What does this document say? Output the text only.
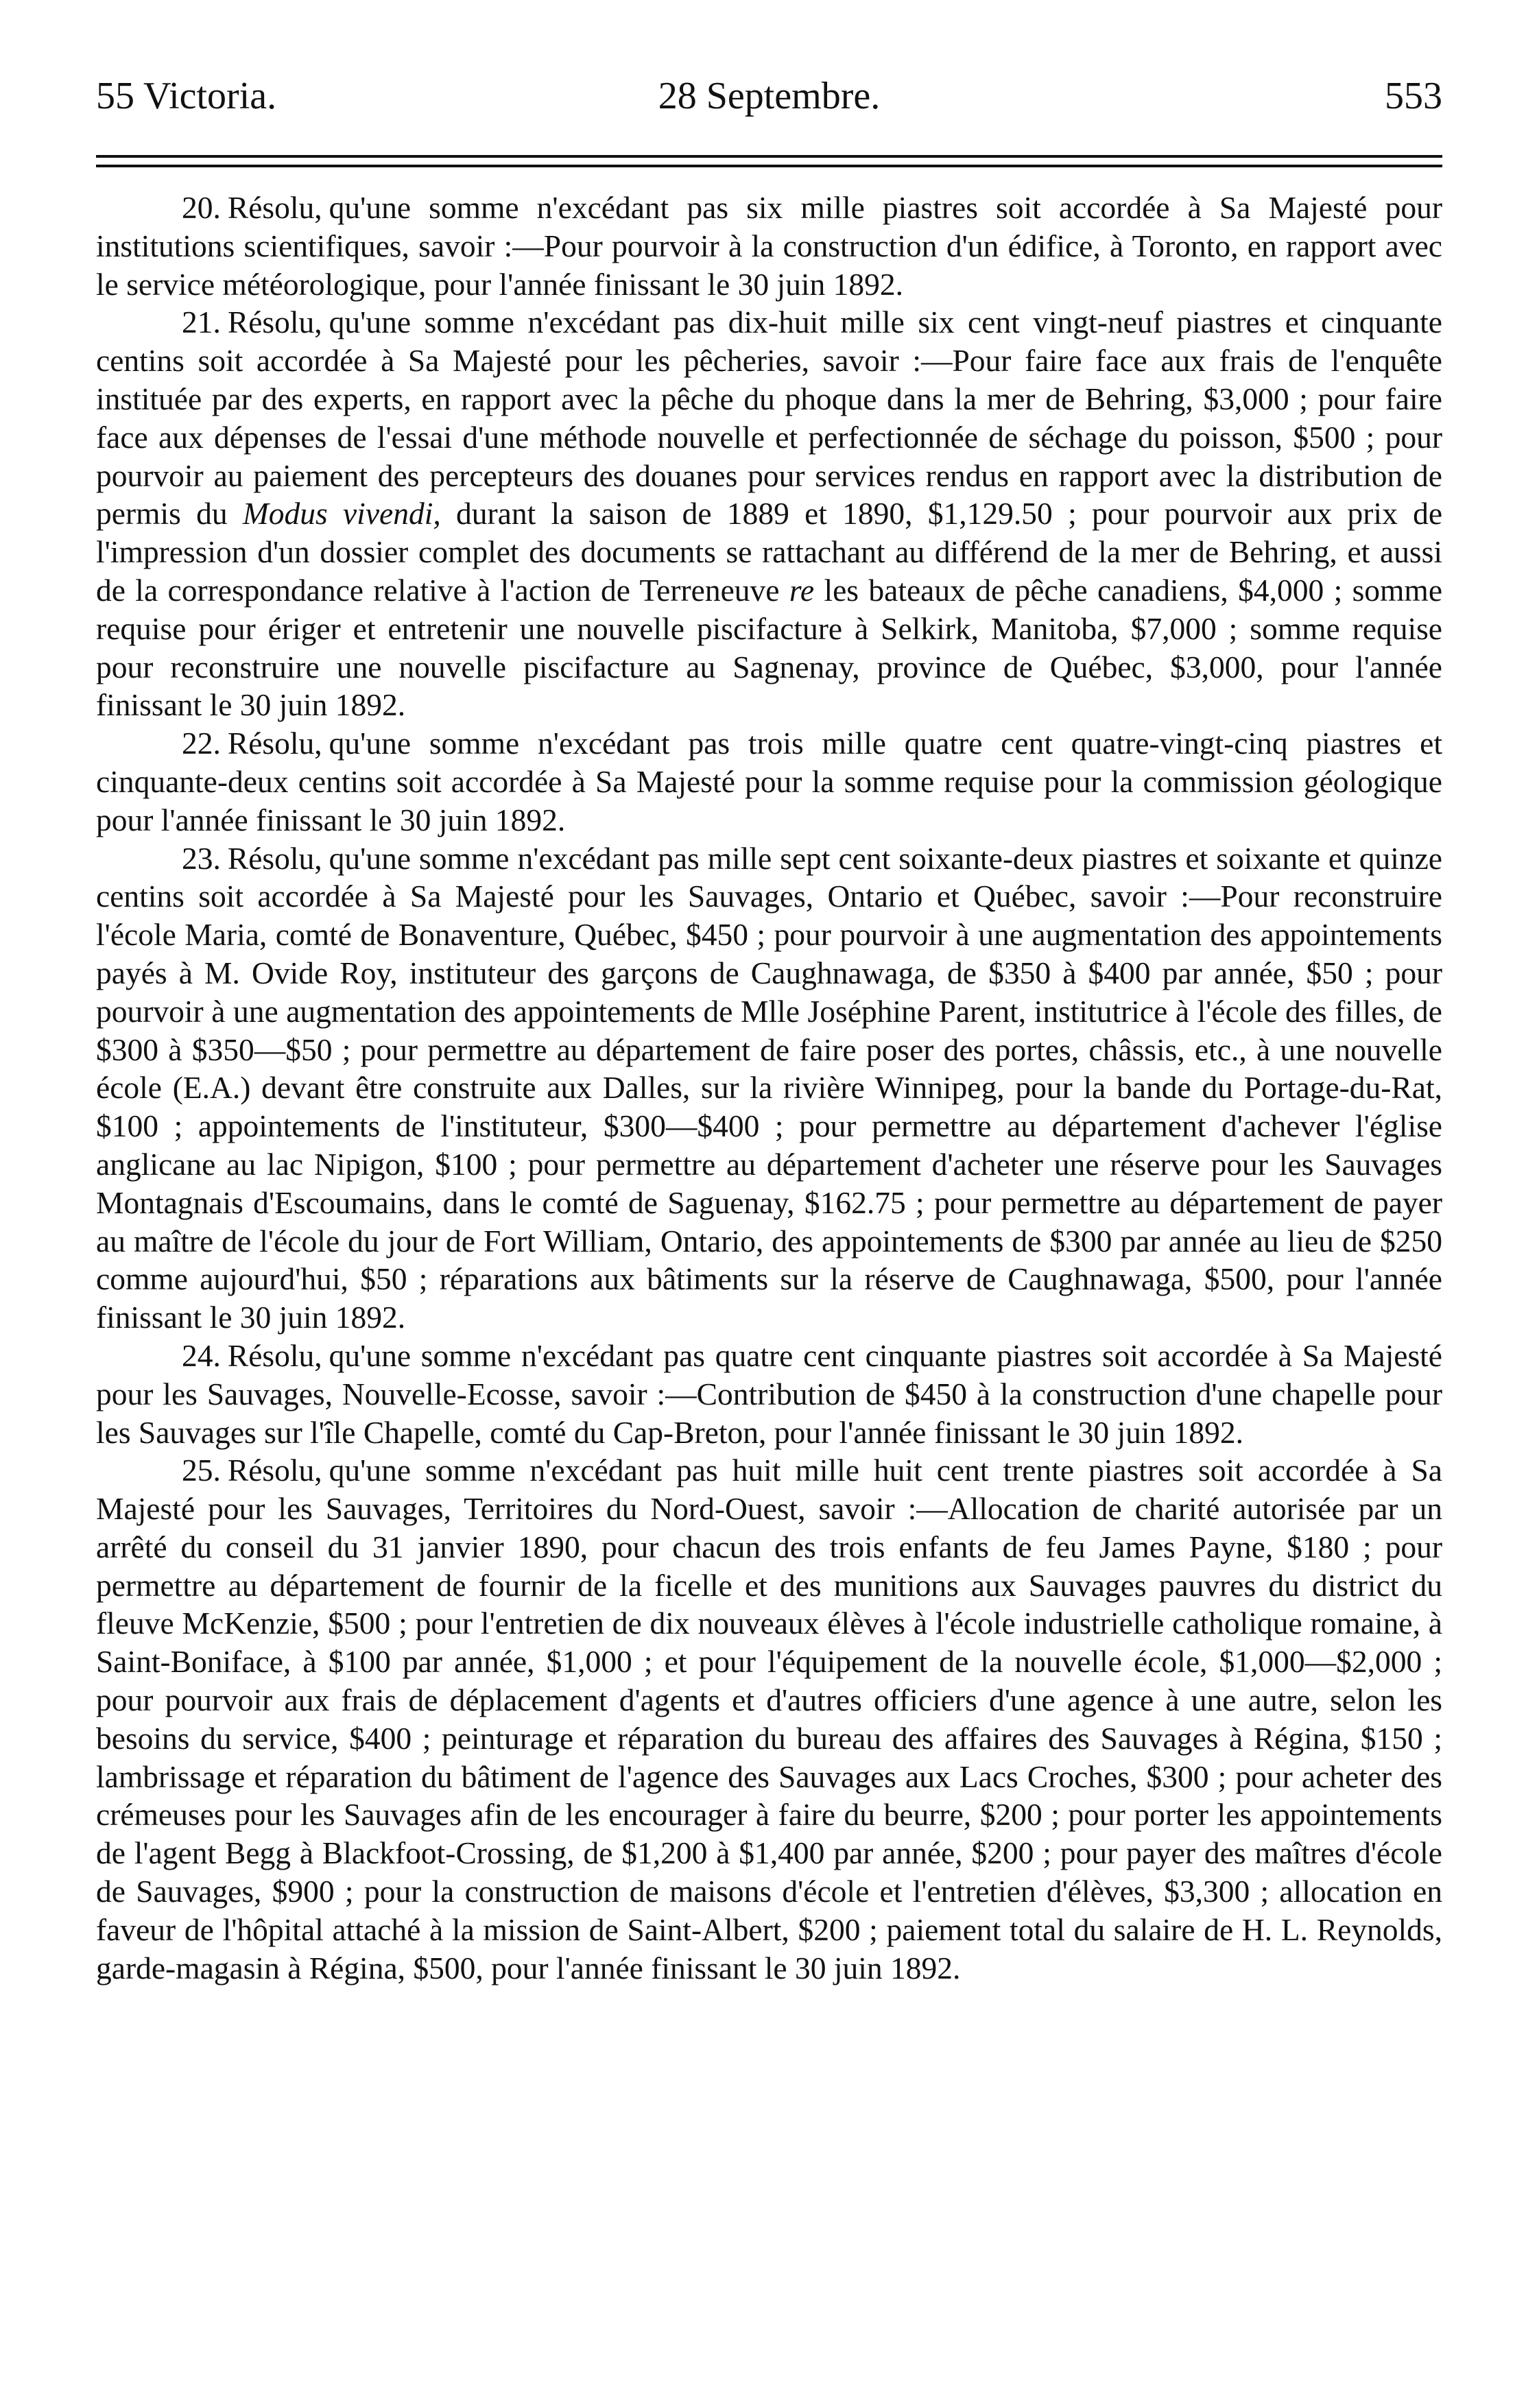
55 Victoria.	28 Septembre.	553

20. Résolu, qu'une somme n'excédant pas six mille piastres soit accordée à Sa Majesté pour institutions scientifiques, savoir :—Pour pourvoir à la construction d'un édifice, à Toronto, en rapport avec le service météorologique, pour l'année finissant le 30 juin 1892.

21. Résolu, qu'une somme n'excédant pas dix-huit mille six cent vingt-neuf piastres et cinquante centins soit accordée à Sa Majesté pour les pêcheries, savoir :—Pour faire face aux frais de l'enquête instituée par des experts, en rapport avec la pêche du phoque dans la mer de Behring, $3,000 ; pour faire face aux dépenses de l'essai d'une méthode nouvelle et perfectionnée de séchage du poisson, $500 ; pour pourvoir au paiement des percepteurs des douanes pour services rendus en rapport avec la distribution de permis du Modus vivendi, durant la saison de 1889 et 1890, $1,129.50 ; pour pourvoir aux prix de l'impression d'un dossier complet des documents se rattachant au différend de la mer de Behring, et aussi de la correspondance relative à l'action de Terreneuve re les bateaux de pêche canadiens, $4,000 ; somme requise pour ériger et entretenir une nouvelle piscifacture à Selkirk, Manitoba, $7,000 ; somme requise pour reconstruire une nouvelle piscifacture au Sagnenay, province de Québec, $3,000, pour l'année finissant le 30 juin 1892.

22. Résolu, qu'une somme n'excédant pas trois mille quatre cent quatre-vingt-cinq piastres et cinquante-deux centins soit accordée à Sa Majesté pour la somme requise pour la commission géologique pour l'année finissant le 30 juin 1892.

23. Résolu, qu'une somme n'excédant pas mille sept cent soixante-deux piastres et soixante et quinze centins soit accordée à Sa Majesté pour les Sauvages, Ontario et Québec, savoir :—Pour reconstruire l'école Maria, comté de Bonaventure, Québec, $450 ; pour pourvoir à une augmentation des appointements payés à M. Ovide Roy, instituteur des garçons de Caughnawaga, de $350 à $400 par année, $50 ; pour pourvoir à une augmentation des appointements de Mlle Joséphine Parent, institutrice à l'école des filles, de $300 à $350—$50 ; pour permettre au département de faire poser des portes, châssis, etc., à une nouvelle école (E.A.) devant être construite aux Dalles, sur la rivière Winnipeg, pour la bande du Portage-du-Rat, $100 ; appointements de l'instituteur, $300—$400 ; pour permettre au département d'achever l'église anglicane au lac Nipigon, $100 ; pour permettre au département d'acheter une réserve pour les Sauvages Montagnais d'Escoumains, dans le comté de Saguenay, $162.75 ; pour permettre au département de payer au maître de l'école du jour de Fort William, Ontario, des appointements de $300 par année au lieu de $250 comme aujourd'hui, $50 ; réparations aux bâtiments sur la réserve de Caughnawaga, $500, pour l'année finissant le 30 juin 1892.

24. Résolu, qu'une somme n'excédant pas quatre cent cinquante piastres soit accordée à Sa Majesté pour les Sauvages, Nouvelle-Ecosse, savoir :—Contribution de $450 à la construction d'une chapelle pour les Sauvages sur l'île Chapelle, comté du Cap-Breton, pour l'année finissant le 30 juin 1892.

25. Résolu, qu'une somme n'excédant pas huit mille huit cent trente piastres soit accordée à Sa Majesté pour les Sauvages, Territoires du Nord-Ouest, savoir :—Allocation de charité autorisée par un arrêté du conseil du 31 janvier 1890, pour chacun des trois enfants de feu James Payne, $180 ; pour permettre au département de fournir de la ficelle et des munitions aux Sauvages pauvres du district du fleuve McKenzie, $500 ; pour l'entretien de dix nouveaux élèves à l'école industrielle catholique romaine, à Saint-Boniface, à $100 par année, $1,000 ; et pour l'équipement de la nouvelle école, $1,000—$2,000 ; pour pourvoir aux frais de déplacement d'agents et d'autres officiers d'une agence à une autre, selon les besoins du service, $400 ; peinturage et réparation du bureau des affaires des Sauvages à Régina, $150 ; lambrissage et réparation du bâtiment de l'agence des Sauvages aux Lacs Croches, $300 ; pour acheter des crémeuses pour les Sauvages afin de les encourager à faire du beurre, $200 ; pour porter les appointements de l'agent Begg à Blackfoot-Crossing, de $1,200 à $1,400 par année, $200 ; pour payer des maîtres d'école de Sauvages, $900 ; pour la construction de maisons d'école et l'entretien d'élèves, $3,300 ; allocation en faveur de l'hôpital attaché à la mission de Saint-Albert, $200 ; paiement total du salaire de H. L. Reynolds, garde-magasin à Régina, $500, pour l'année finissant le 30 juin 1892.
